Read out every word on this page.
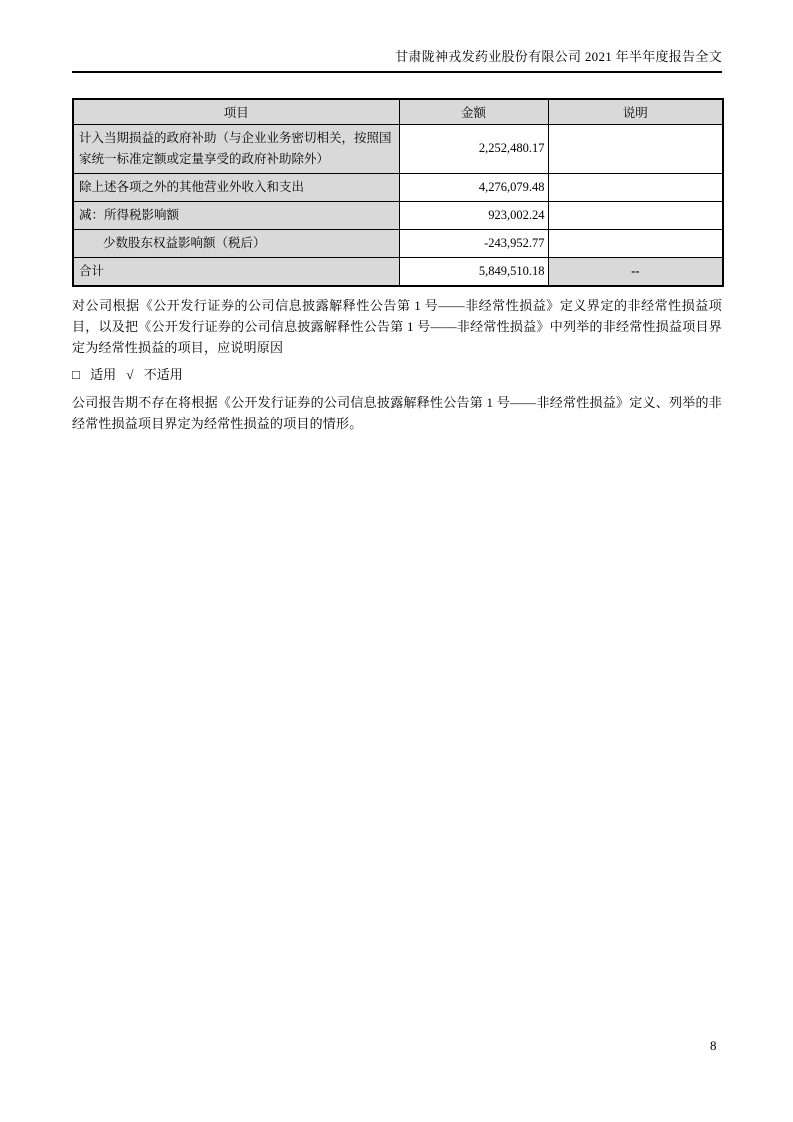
甘肃陇神戎发药业股份有限公司 2021 年半年度报告全文
项目	金额	说明
计入当期损益的政府补助（与企业业务密切相关，按照国家统一标准定额或定量享受的政府补助除外）	2,252,480.17	
除上述各项之外的其他营业外收入和支出	4,276,079.48	
减：所得税影响额	923,002.24	
少数股东权益影响额（税后）	-243,952.77	
合计	5,849,510.18	--

对公司根据《公开发行证券的公司信息披露解释性公告第 1 号——非经常性损益》定义界定的非经常性损益项目，以及把《公开发行证券的公司信息披露解释性公告第 1 号——非经常性损益》中列举的非经常性损益项目界定为经常性损益的项目，应说明原因

□ 适用 √ 不适用

公司报告期不存在将根据《公开发行证券的公司信息披露解释性公告第 1 号——非经常性损益》定义、列举的非经常性损益项目界定为经常性损益的项目的情形。

8
